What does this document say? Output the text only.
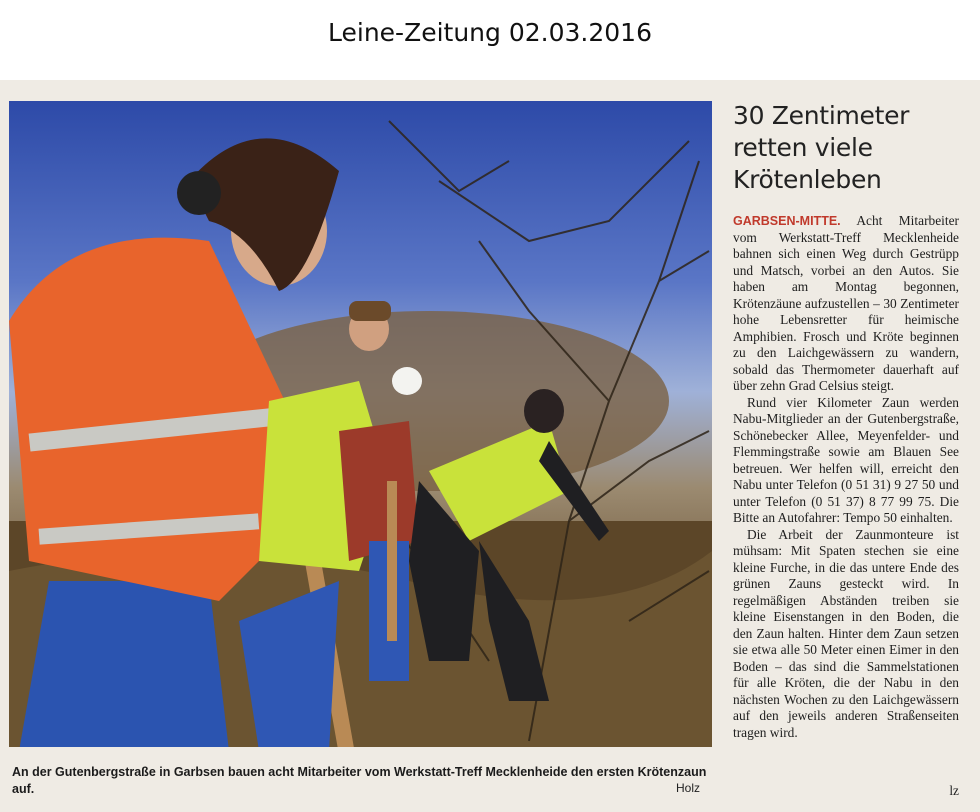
Leine-Zeitung 02.03.2016
An der Gutenbergstraße in Garbsen bauen acht Mitarbeiter vom Werkstatt-Treff Mecklenheide den ersten Krötenzaun auf.	Holz
30 Zentimeter retten viele Krötenleben

GARBSEN-MITTE. Acht Mitarbeiter vom Werkstatt-Treff Mecklenheide bahnen sich einen Weg durch Gestrüpp und Matsch, vorbei an den Autos. Sie haben am Montag begonnen, Krötenzäune aufzustellen – 30 Zentimeter hohe Lebensretter für heimische Amphibien. Frosch und Kröte beginnen zu den Laichgewässern zu wandern, sobald das Thermometer dauerhaft auf über zehn Grad Celsius steigt.

Rund vier Kilometer Zaun werden Nabu-Mitglieder an der Gutenbergstraße, Schönebecker Allee, Meyenfelder- und Flemmingstraße sowie am Blauen See betreuen. Wer helfen will, erreicht den Nabu unter Telefon (0 51 31) 9 27 50 und unter Telefon (0 51 37) 8 77 99 75. Die Bitte an Autofahrer: Tempo 50 einhalten.

Die Arbeit der Zaunmonteure ist mühsam: Mit Spaten stechen sie eine kleine Furche, in die das untere Ende des grünen Zauns gesteckt wird. In regelmäßigen Abständen treiben sie kleine Eisenstangen in den Boden, die den Zaun halten. Hinter dem Zaun setzen sie etwa alle 50 Meter einen Eimer in den Boden – das sind die Sammelstationen für alle Kröten, die der Nabu in den nächsten Wochen zu den Laichgewässern auf den jeweils anderen Straßenseiten tragen wird.

lz
